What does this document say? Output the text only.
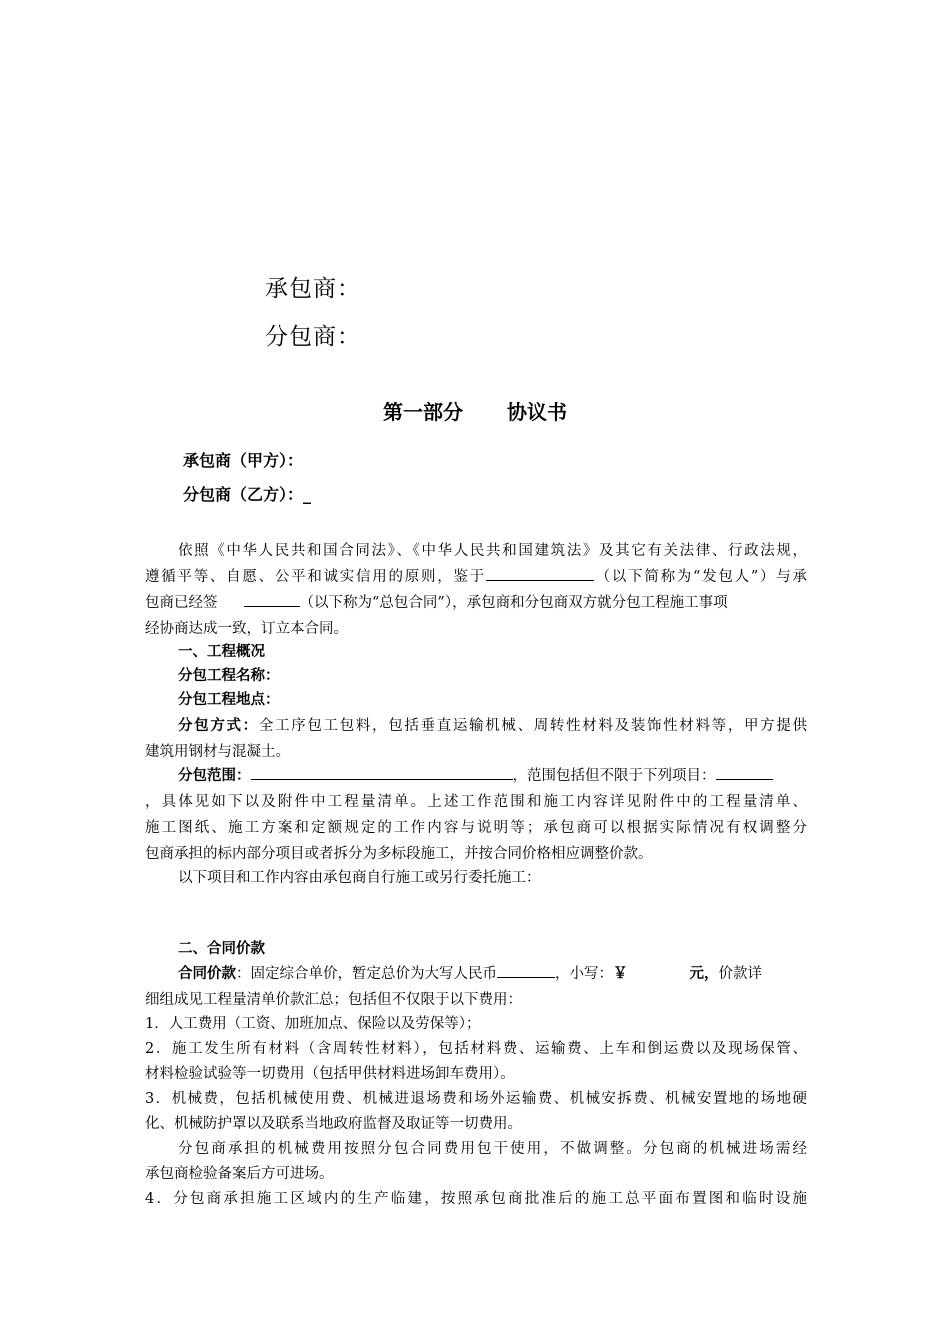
承包商：
分包商：
第一部分 协议书
承包商（甲方）：
分包商（乙方）：_
依照《中华人民共和国合同法》、《中华人民共和国建筑法》及其它有关法律、行政法规，
遵循平等、自愿、公平和诚实信用的原则，鉴于	（以下简称为“发包人”）与承
包商已经签	（以下称为“总包合同”），承包商和分包商双方就分包工程施工事项
经协商达成一致，订立本合同。
一、工程概况
分包工程名称：
分包工程地点：
分包方式：全工序包工包料，包括垂直运输机械、周转性材料及装饰性材料等，甲方提供
建筑用钢材与混凝土。
分包范围：	，范围包括但不限于下列项目：
，具体见如下以及附件中工程量清单。上述工作范围和施工内容详见附件中的工程量清单、
施工图纸、施工方案和定额规定的工作内容与说明等；承包商可以根据实际情况有权调整分
包商承担的标内部分项目或者拆分为多标段施工，并按合同价格相应调整价款。
以下项目和工作内容由承包商自行施工或另行委托施工：
二、合同价款
合同价款：固定综合单价，暂定总价为大写人民币	，小写：￥	元，价款详
细组成见工程量清单价款汇总；包括但不仅限于以下费用：
1．人工费用（工资、加班加点、保险以及劳保等）；
2．施工发生所有材料（含周转性材料），包括材料费、运输费、上车和倒运费以及现场保管、
材料检验试验等一切费用（包括甲供材料进场卸车费用）。
3．机械费，包括机械使用费、机械进退场费和场外运输费、机械安拆费、机械安置地的场地硬
化、机械防护罩以及联系当地政府监督及取证等一切费用。
分包商承担的机械费用按照分包合同费用包干使用，不做调整。分包商的机械进场需经
承包商检验备案后方可进场。
4．分包商承担施工区域内的生产临建，按照承包商批准后的施工总平面布置图和临时设施
